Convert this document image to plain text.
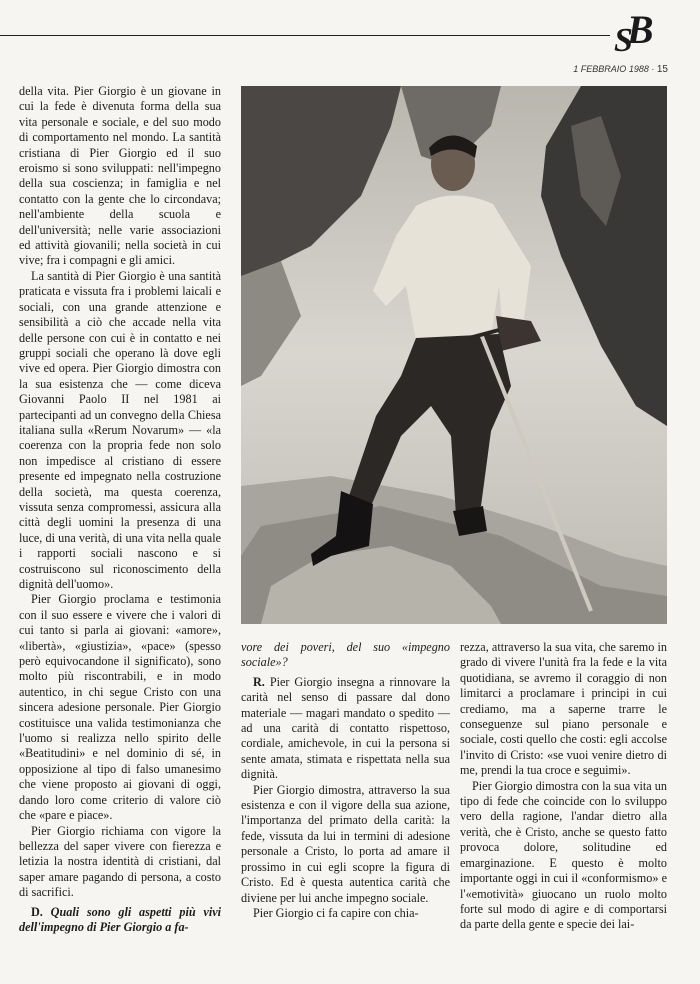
$_S$B
1 FEBBRAIO 1988 · 15

della vita. Pier Giorgio è un giovane in cui la fede è divenuta forma della sua vita personale e sociale, e del suo modo di comportamento nel mondo. La santità cristiana di Pier Giorgio ed il suo eroismo si sono sviluppati: nell'impegno della sua coscienza; in famiglia e nel contatto con la gente che lo circondava; nell'ambiente della scuola e dell'università; nelle varie associazioni ed attività giovanili; nella società in cui vive; fra i compagni e gli amici.

La santità di Pier Giorgio è una santità praticata e vissuta fra i problemi laicali e sociali, con una grande attenzione e sensibilità a ciò che accade nella vita delle persone con cui è in contatto e nei gruppi sociali che operano là dove egli vive ed opera. Pier Giorgio dimostra con la sua esistenza che — come diceva Giovanni Paolo II nel 1981 ai partecipanti ad un convegno della Chiesa italiana sulla «Rerum Novarum» — «la coerenza con la propria fede non solo non impedisce al cristiano di essere presente ed impegnato nella costruzione della società, ma questa coerenza, vissuta senza compromessi, assicura alla città degli uomini la presenza di una luce, di una verità, di una vita nella quale i rapporti sociali nascono e si costruiscono sul riconoscimento della dignità dell'uomo».

Pier Giorgio proclama e testimonia con il suo essere e vivere che i valori di cui tanto si parla ai giovani: «amore», «libertà», «giustizia», «pace» (spesso però equivocandone il significato), sono molto più riscontrabili, e in modo autentico, in chi segue Cristo con una sincera adesione personale. Pier Giorgio costituisce una valida testimonianza che l'uomo si realizza nello spirito delle «Beatitudini» e nel dominio di sé, in opposizione al tipo di falso umanesimo che viene proposto ai giovani di oggi, dando loro come criterio di valore ciò che «pare e piace».

Pier Giorgio richiama con vigore la bellezza del saper vivere con fierezza e letizia la nostra identità di cristiani, dal saper amare pagando di persona, a costo di sacrifici.

D. Quali sono gli aspetti più vivi dell'impegno di Pier Giorgio a fa-

vore dei poveri, del suo «impegno sociale»?

R. Pier Giorgio insegna a rinnovare la carità nel senso di passare dal dono materiale — magari mandato o spedito — ad una carità di contatto rispettoso, cordiale, amichevole, in cui la persona si sente amata, stimata e rispettata nella sua dignità.

Pier Giorgio dimostra, attraverso la sua esistenza e con il vigore della sua azione, l'importanza del primato della carità: la fede, vissuta da lui in termini di adesione personale a Cristo, lo porta ad amare il prossimo in cui egli scopre la figura di Cristo. Ed è questa autentica carità che diviene per lui anche impegno sociale.

Pier Giorgio ci fa capire con chia-

rezza, attraverso la sua vita, che saremo in grado di vivere l'unità fra la fede e la vita quotidiana, se avremo il coraggio di non limitarci a proclamare i principi in cui crediamo, ma a saperne trarre le conseguenze sul piano personale e sociale, costi quello che costi: egli accolse l'invito di Cristo: «se vuoi venire dietro di me, prendi la tua croce e seguimi».

Pier Giorgio dimostra con la sua vita un tipo di fede che coincide con lo sviluppo vero della ragione, l'andar dietro alla verità, che è Cristo, anche se questo fatto provoca dolore, solitudine ed emarginazione. E questo è molto importante oggi in cui il «conformismo» e l'«emotività» giuocano un ruolo molto forte sul modo di agire e di comportarsi da parte della gente e specie dei lai-
